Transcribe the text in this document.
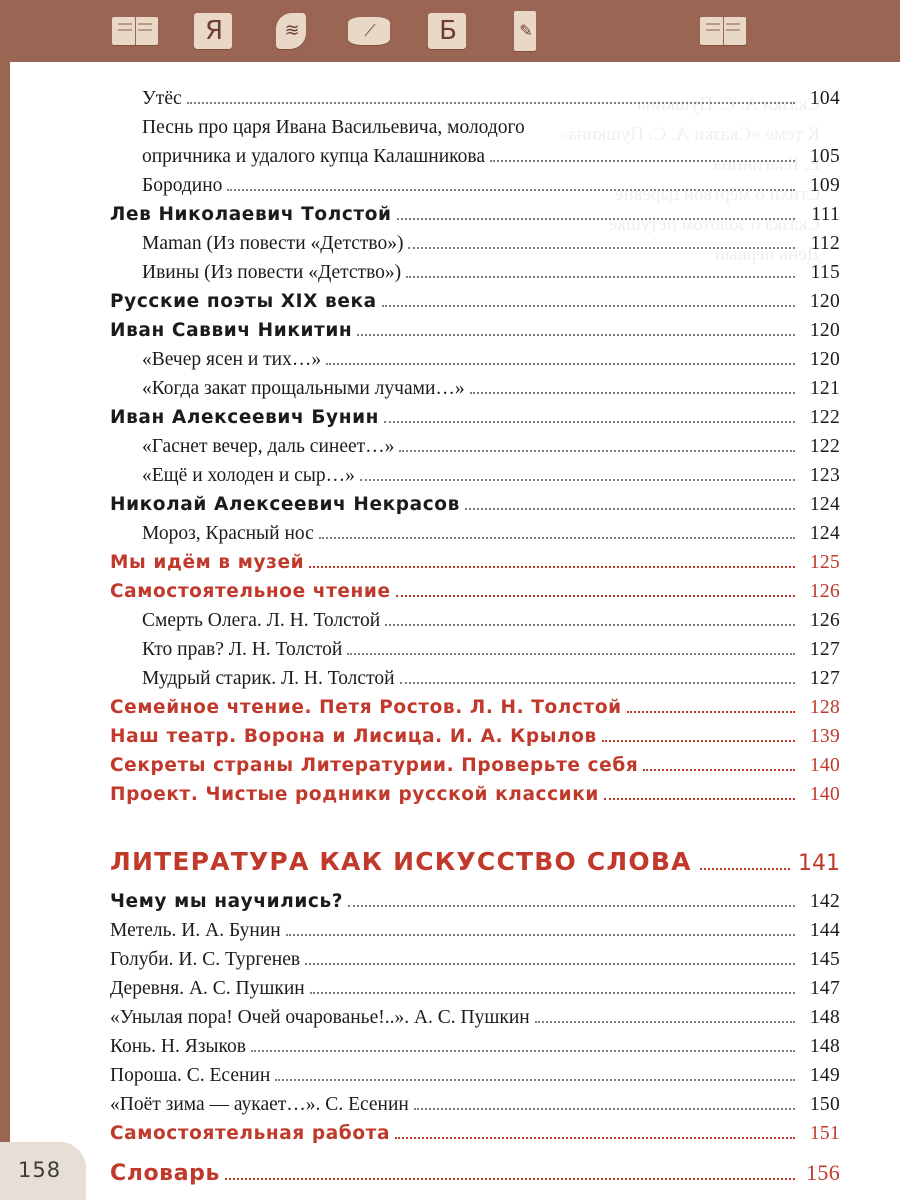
Я	≋	⟋	Б	✎
Утёс	104
Песнь про царя Ивана Васильевича, молодого
опричника и удалого купца Калашникова	105
Бородино	109
Лев Николаевич Толстой	111
Maman (Из повести «Детство»)	112
Ивины (Из повести «Детство»)	115
Русские поэты XIX века	120
Иван Саввич Никитин	120
«Вечер ясен и тих…»	120
«Когда закат прощальными лучами…»	121
Иван Алексеевич Бунин	122
«Гаснет вечер, даль синеет…»	122
«Ещё и холоден и сыр…»	123
Николай Алексеевич Некрасов	124
Мороз, Красный нос	124
Мы идём в музей	125
Самостоятельное чтение	126
Смерть Олега. Л. Н. Толстой	126
Кто прав? Л. Н. Толстой	127
Мудрый старик. Л. Н. Толстой	127
Семейное чтение. Петя Ростов. Л. Н. Толстой	128
Наш театр. Ворона и Лисица. И. А. Крылов	139
Секреты страны Литературии. Проверьте себя	140
Проект. Чистые родники русской классики	140
ЛИТЕРАТУРА КАК ИСКУССТВО СЛОВА	141
Чему мы научились?	142
Метель. И. А. Бунин	144
Голуби. И. С. Тургенев	145
Деревня. А. С. Пушкин	147
«Унылая пора! Очей очарованье!..». А. С. Пушкин	148
Конь. Н. Языков	148
Пороша. С. Есенин	149
«Поёт зима — аукает…». С. Есенин	150
Самостоятельная работа	151
Словарь	156
158
